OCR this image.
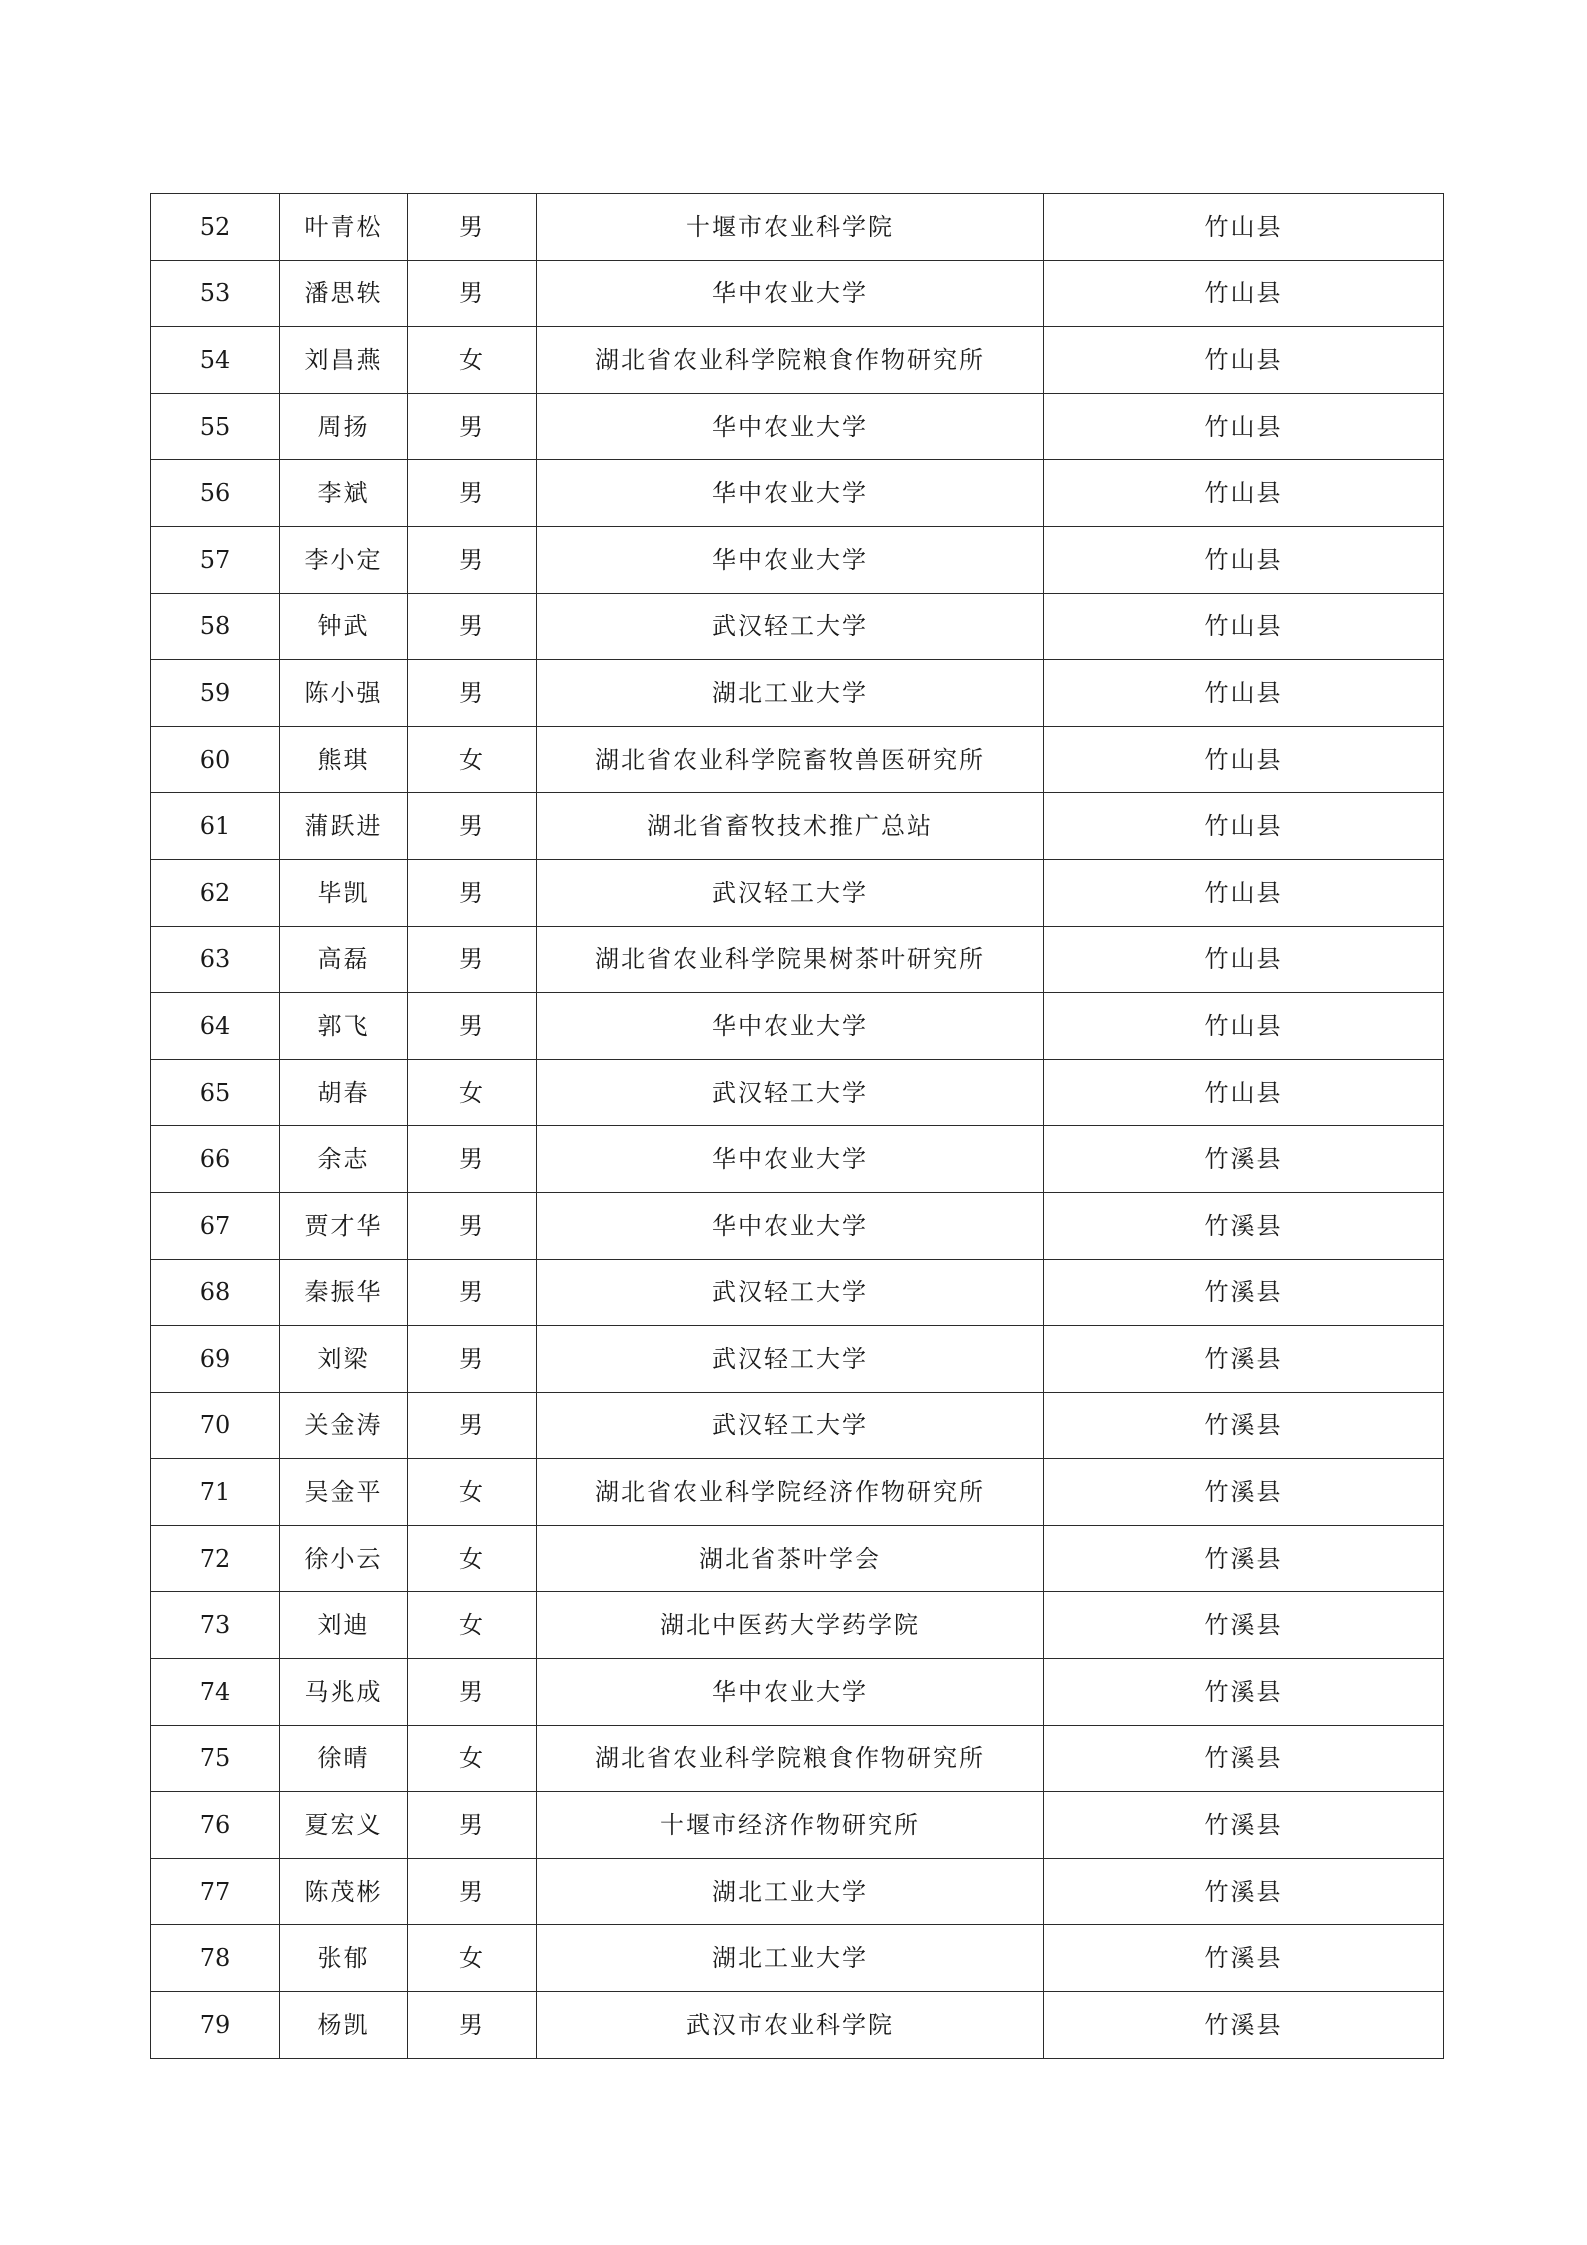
52	叶青松	男	十堰市农业科学院	竹山县
53	潘思轶	男	华中农业大学	竹山县
54	刘昌燕	女	湖北省农业科学院粮食作物研究所	竹山县
55	周扬	男	华中农业大学	竹山县
56	李斌	男	华中农业大学	竹山县
57	李小定	男	华中农业大学	竹山县
58	钟武	男	武汉轻工大学	竹山县
59	陈小强	男	湖北工业大学	竹山县
60	熊琪	女	湖北省农业科学院畜牧兽医研究所	竹山县
61	蒲跃进	男	湖北省畜牧技术推广总站	竹山县
62	毕凯	男	武汉轻工大学	竹山县
63	高磊	男	湖北省农业科学院果树茶叶研究所	竹山县
64	郭飞	男	华中农业大学	竹山县
65	胡春	女	武汉轻工大学	竹山县
66	余志	男	华中农业大学	竹溪县
67	贾才华	男	华中农业大学	竹溪县
68	秦振华	男	武汉轻工大学	竹溪县
69	刘梁	男	武汉轻工大学	竹溪县
70	关金涛	男	武汉轻工大学	竹溪县
71	吴金平	女	湖北省农业科学院经济作物研究所	竹溪县
72	徐小云	女	湖北省茶叶学会	竹溪县
73	刘迪	女	湖北中医药大学药学院	竹溪县
74	马兆成	男	华中农业大学	竹溪县
75	徐晴	女	湖北省农业科学院粮食作物研究所	竹溪县
76	夏宏义	男	十堰市经济作物研究所	竹溪县
77	陈茂彬	男	湖北工业大学	竹溪县
78	张郁	女	湖北工业大学	竹溪县
79	杨凯	男	武汉市农业科学院	竹溪县
